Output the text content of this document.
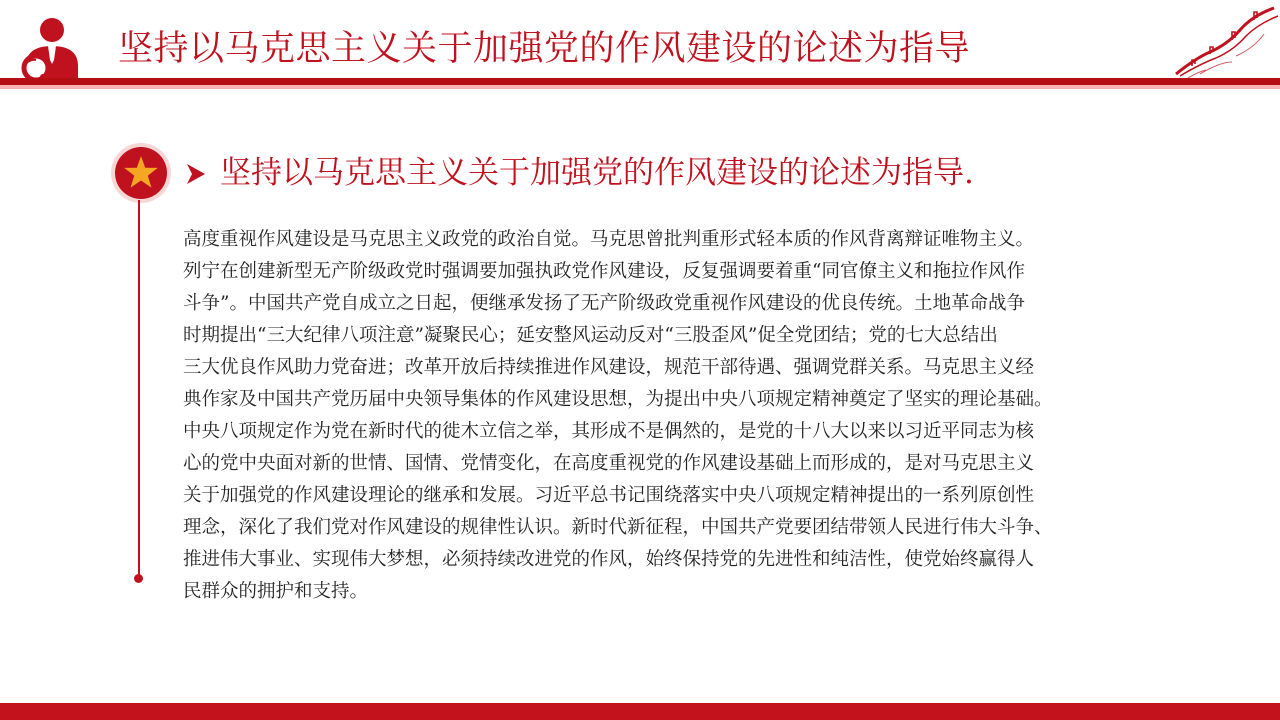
坚持以马克思主义关于加强党的作风建设的论述为指导
坚持以马克思主义关于加强党的作风建设的论述为指导.

高度重视作风建设是马克思主义政党的政治自觉。马克思曾批判重形式轻本质的作风背离辩证唯物主义。
列宁在创建新型无产阶级政党时强调要加强执政党作风建设，反复强调要着重“同官僚主义和拖拉作风作
斗争”。中国共产党自成立之日起，便继承发扬了无产阶级政党重视作风建设的优良传统。土地革命战争
时期提出“三大纪律八项注意”凝聚民心；延安整风运动反对“三股歪风”促全党团结；党的七大总结出
三大优良作风助力党奋进；改革开放后持续推进作风建设，规范干部待遇、强调党群关系。马克思主义经
典作家及中国共产党历届中央领导集体的作风建设思想，为提出中央八项规定精神奠定了坚实的理论基础。
中央八项规定作为党在新时代的徙木立信之举，其形成不是偶然的，是党的十八大以来以习近平同志为核
心的党中央面对新的世情、国情、党情变化，在高度重视党的作风建设基础上而形成的，是对马克思主义
关于加强党的作风建设理论的继承和发展。习近平总书记围绕落实中央八项规定精神提出的一系列原创性
理念，深化了我们党对作风建设的规律性认识。新时代新征程，中国共产党要团结带领人民进行伟大斗争、
推进伟大事业、实现伟大梦想，必须持续改进党的作风，始终保持党的先进性和纯洁性，使党始终赢得人
民群众的拥护和支持。
